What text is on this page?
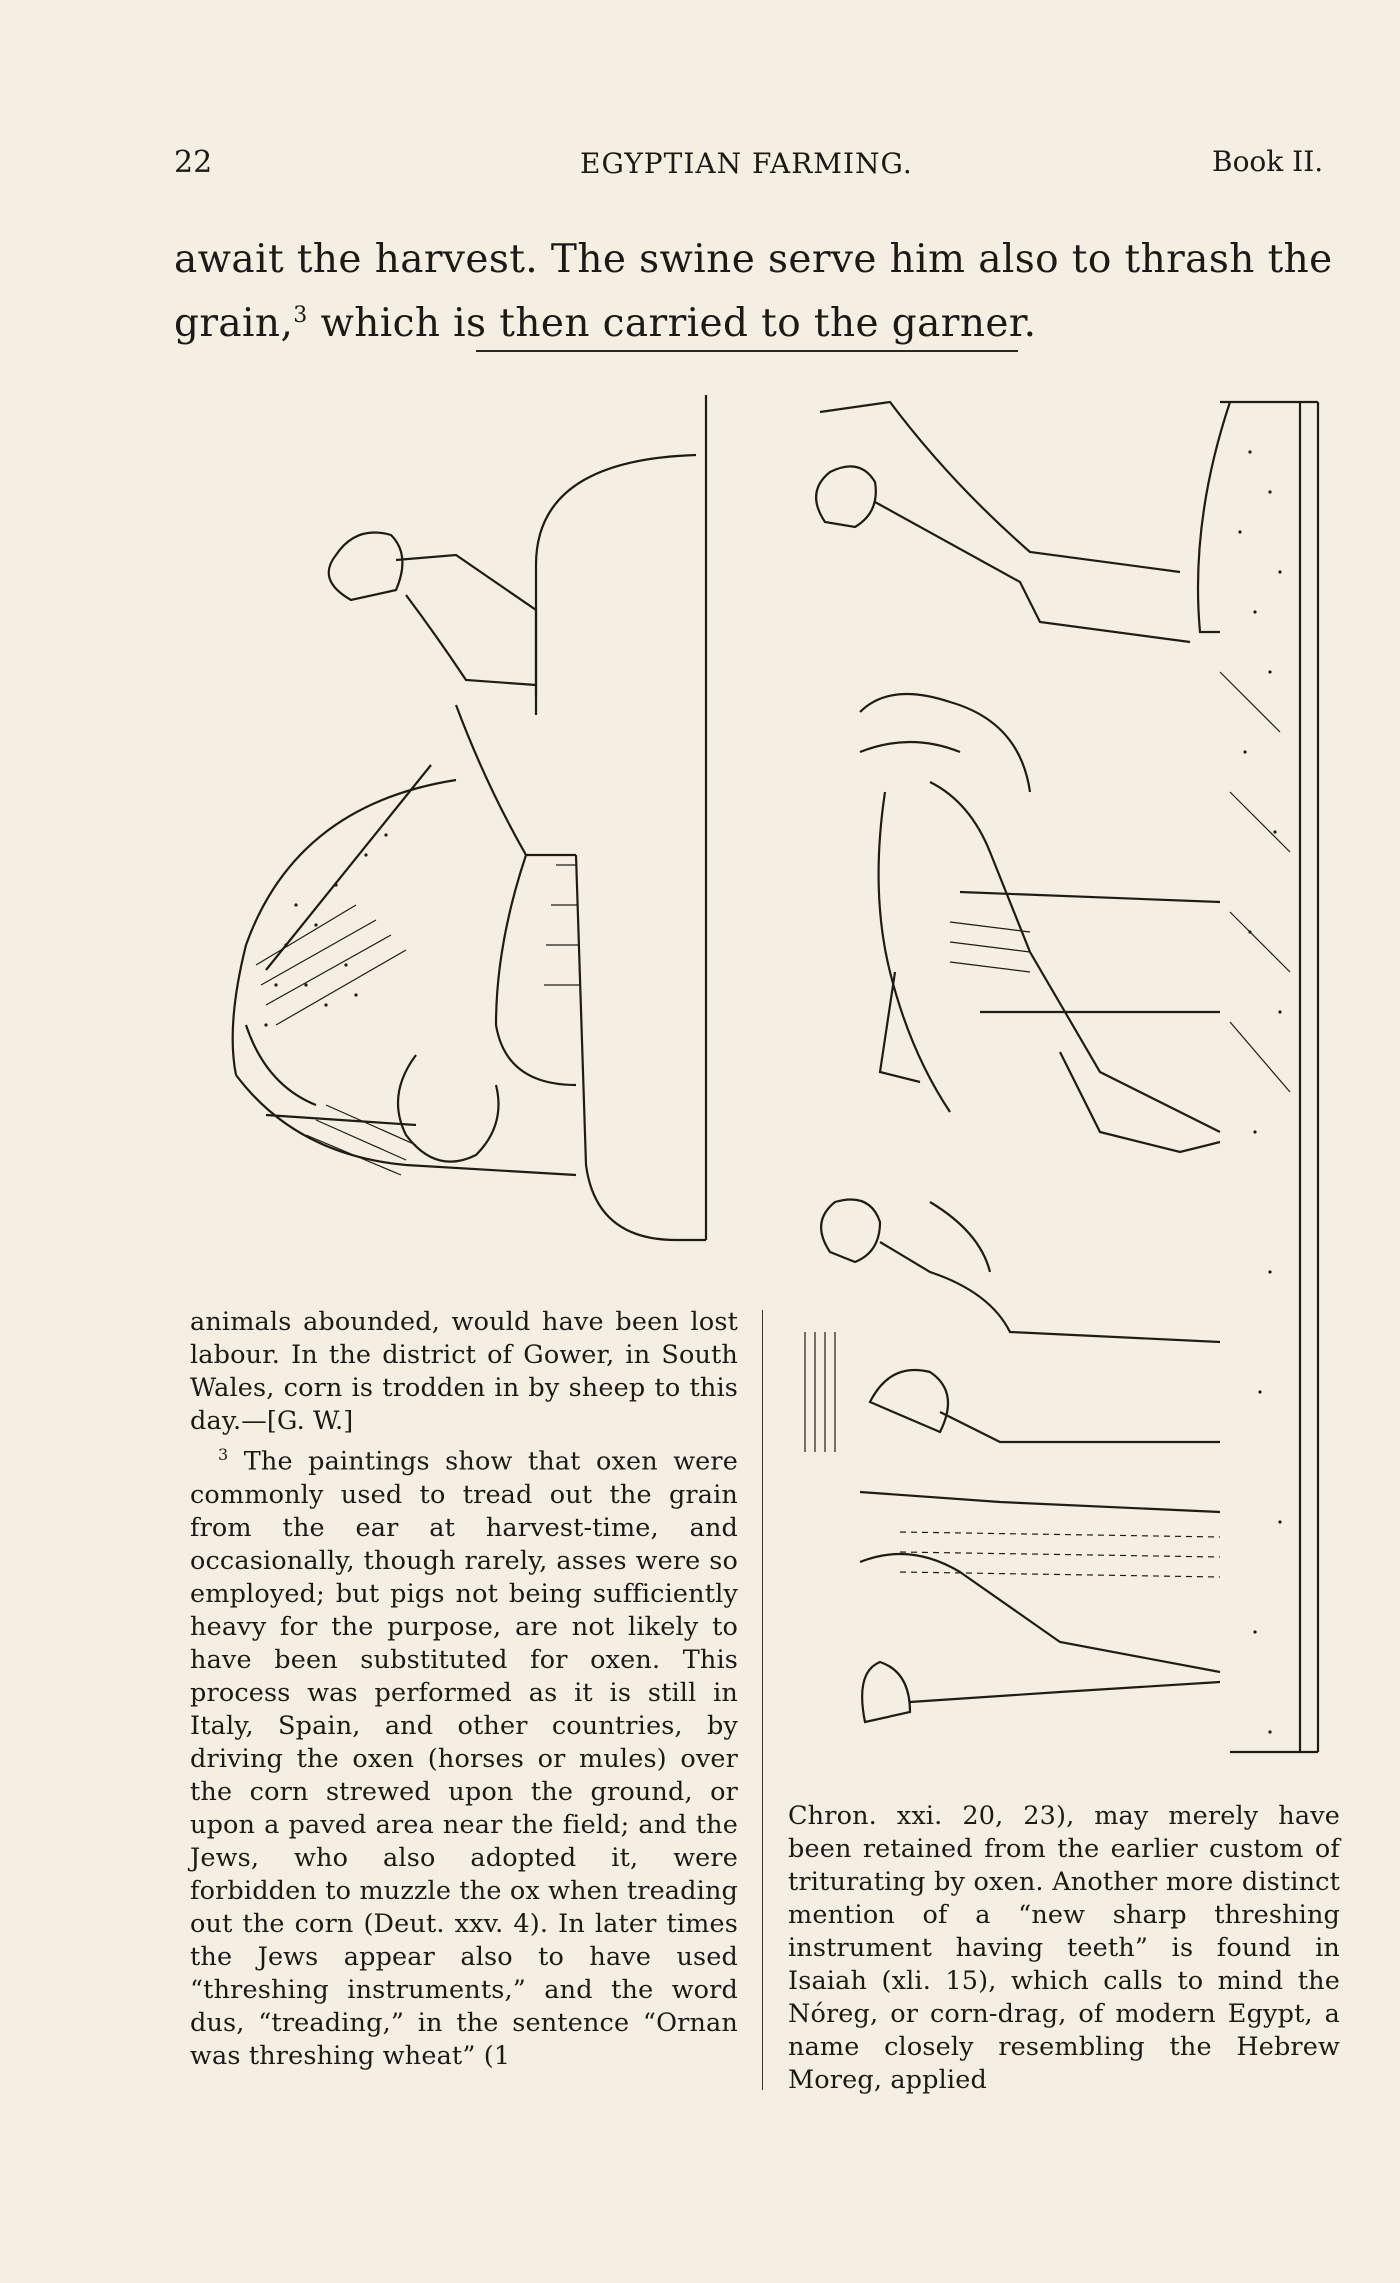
22	EGYPTIAN FARMING.	Book II.
await the harvest. The swine serve him also to thrash the grain,$^3$ which is then carried to the garner.

animals abounded, would have been lost labour. In the district of Gower, in South Wales, corn is trodden in by sheep to this day.—[G. W.]

$^3$ The paintings show that oxen were commonly used to tread out the grain from the ear at harvest-time, and occasionally, though rarely, asses were so employed; but pigs not being sufficiently heavy for the purpose, are not likely to have been substituted for oxen. This process was performed as it is still in Italy, Spain, and other countries, by driving the oxen (horses or mules) over the corn strewed upon the ground, or upon a paved area near the field; and the Jews, who also adopted it, were forbidden to muzzle the ox when treading out the corn (Deut. xxv. 4). In later times the Jews appear also to have used “threshing instruments,” and the word dus, “treading,” in the sentence “Ornan was threshing wheat” (1

Chron. xxi. 20, 23), may merely have been retained from the earlier custom of triturating by oxen. Another more distinct mention of a “new sharp threshing instrument having teeth” is found in Isaiah (xli. 15), which calls to mind the Nóreg, or corn-drag, of modern Egypt, a name closely resembling the Hebrew Moreg, applied
